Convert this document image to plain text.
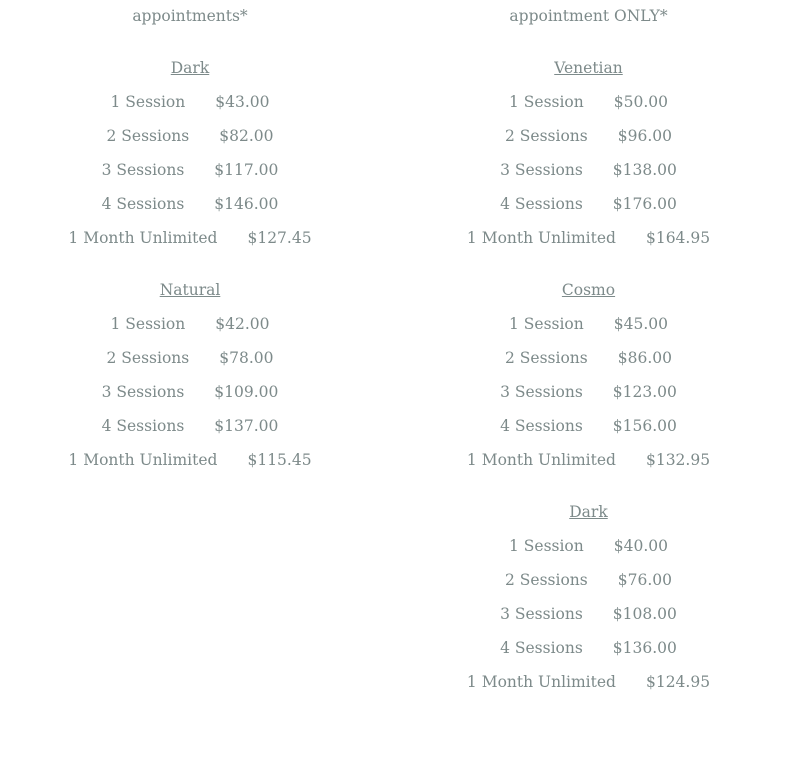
appointments*
Dark
1 Session $43.00
2 Sessions $82.00
3 Sessions $117.00
4 Sessions $146.00
1 Month Unlimited $127.45
Natural
1 Session $42.00
2 Sessions $78.00
3 Sessions $109.00
4 Sessions $137.00
1 Month Unlimited $115.45
appointment ONLY*
Venetian
1 Session $50.00
2 Sessions $96.00
3 Sessions $138.00
4 Sessions $176.00
1 Month Unlimited $164.95
Cosmo
1 Session $45.00
2 Sessions $86.00
3 Sessions $123.00
4 Sessions $156.00
1 Month Unlimited $132.95
Dark
1 Session $40.00
2 Sessions $76.00
3 Sessions $108.00
4 Sessions $136.00
1 Month Unlimited $124.95
